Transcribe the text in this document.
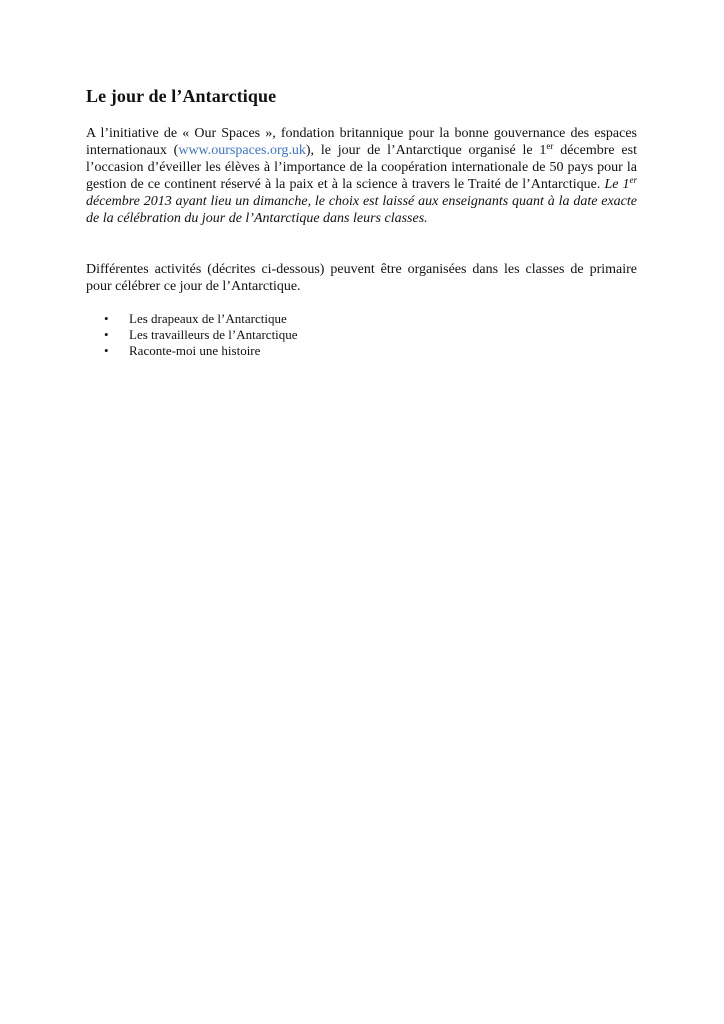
Le jour de l’Antarctique

A l’initiative de « Our Spaces », fondation britannique pour la bonne gouvernance des espaces internationaux (www.ourspaces.org.uk), le jour de l’Antarctique organisé le 1er décembre est l’occasion d’éveiller les élèves à l’importance de la coopération internationale de 50 pays pour la gestion de ce continent réservé à la paix et à la science à travers le Traité de l’Antarctique. Le 1er décembre 2013 ayant lieu un dimanche, le choix est laissé aux enseignants quant à la date exacte de la célébration du jour de l’Antarctique dans leurs classes.

Différentes activités (décrites ci-dessous) peuvent être organisées dans les classes de primaire pour célébrer ce jour de l’Antarctique.

• Les drapeaux de l’Antarctique
• Les travailleurs de l’Antarctique
• Raconte-moi une histoire
